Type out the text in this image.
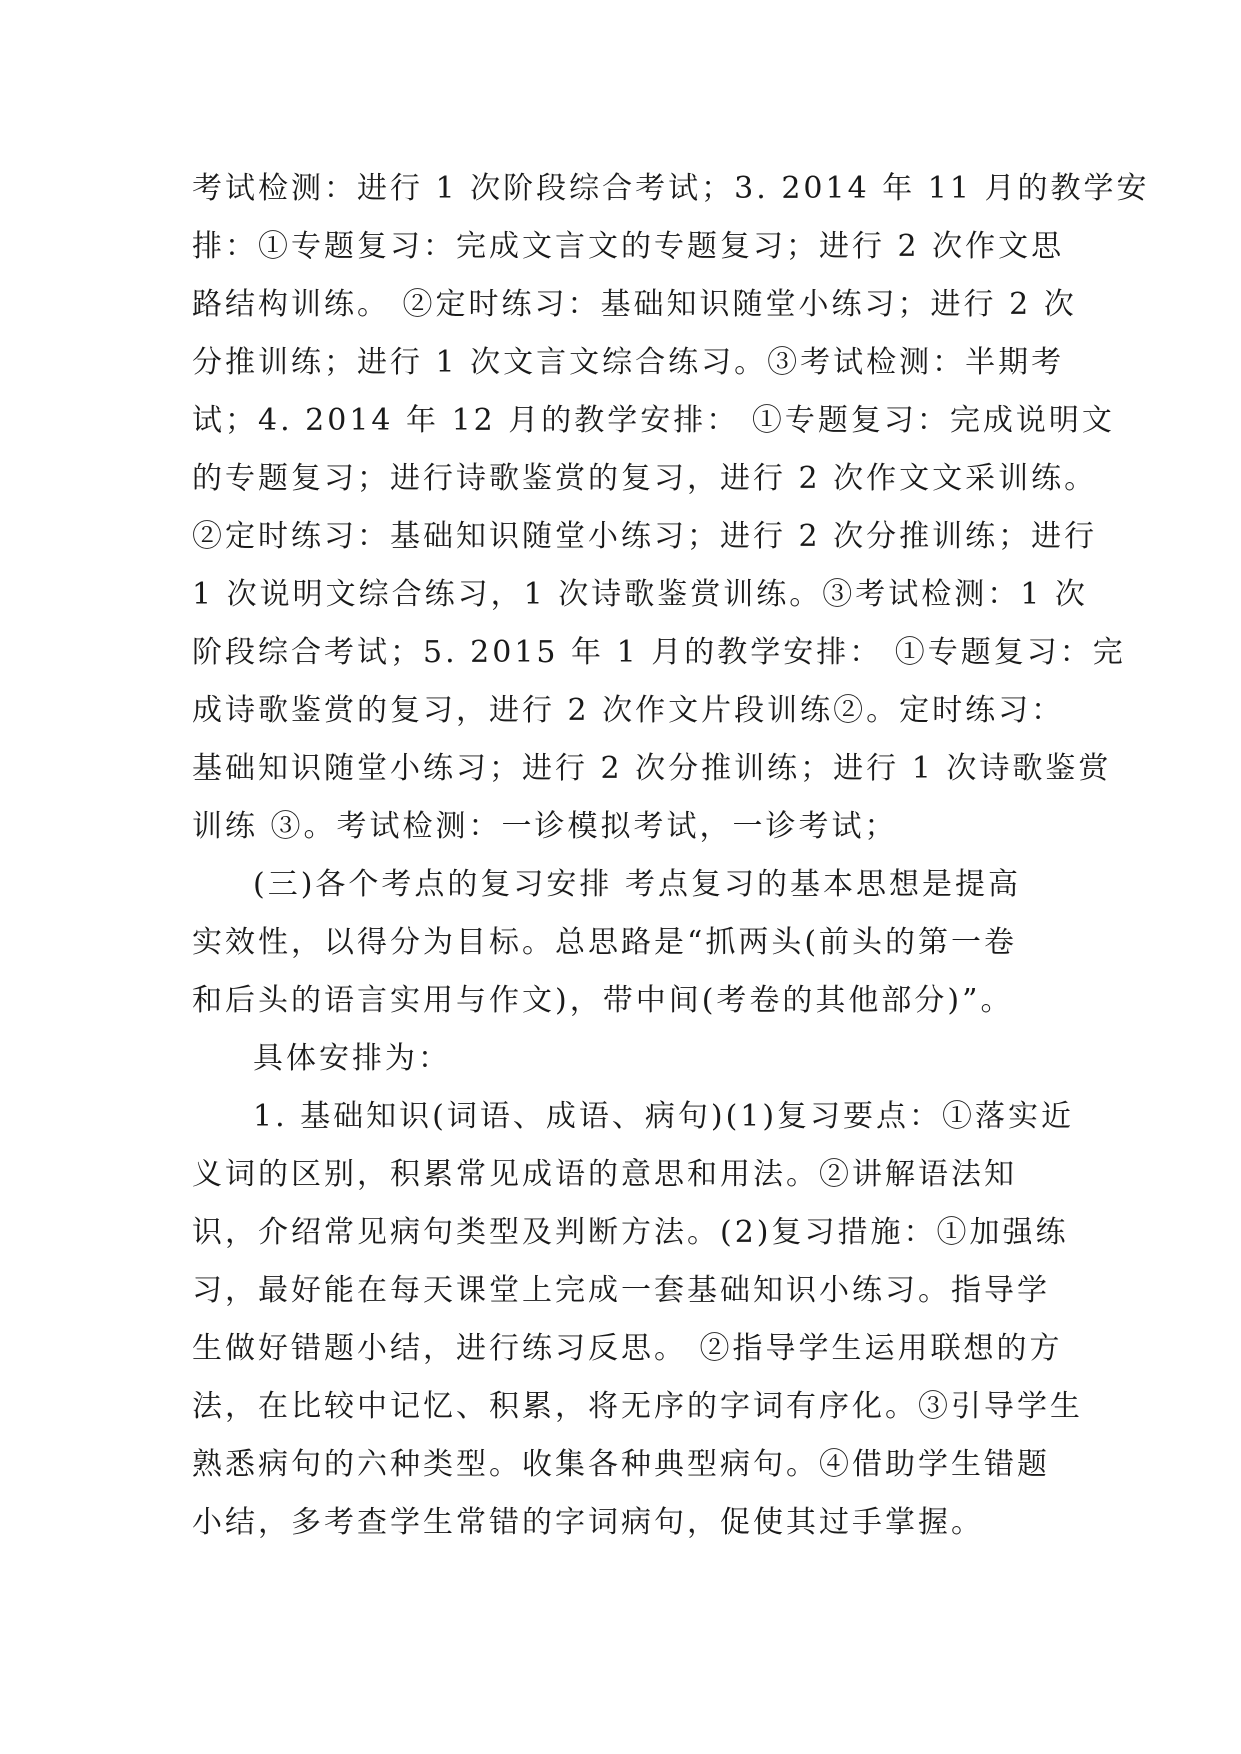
考试检测：进行 1 次阶段综合考试；3. 2014 年 11 月的教学安
排：①专题复习：完成文言文的专题复习；进行 2 次作文思
路结构训练。 ②定时练习：基础知识随堂小练习；进行 2 次
分推训练；进行 1 次文言文综合练习。③考试检测：半期考
试；4. 2014 年 12 月的教学安排： ①专题复习：完成说明文
的专题复习；进行诗歌鉴赏的复习，进行 2 次作文文采训练。
②定时练习：基础知识随堂小练习；进行 2 次分推训练；进行
1 次说明文综合练习，1 次诗歌鉴赏训练。③考试检测：1 次
阶段综合考试；5. 2015 年 1 月的教学安排： ①专题复习：完
成诗歌鉴赏的复习，进行 2 次作文片段训练②。定时练习：
基础知识随堂小练习；进行 2 次分推训练；进行 1 次诗歌鉴赏
训练 ③。考试检测：一诊模拟考试，一诊考试；
(三)各个考点的复习安排 考点复习的基本思想是提高
实效性，以得分为目标。总思路是“抓两头(前头的第一卷
和后头的语言实用与作文)，带中间(考卷的其他部分)”。
具体安排为：
1. 基础知识(词语、成语、病句)(1)复习要点：①落实近
义词的区别，积累常见成语的意思和用法。②讲解语法知
识，介绍常见病句类型及判断方法。(2)复习措施：①加强练
习，最好能在每天课堂上完成一套基础知识小练习。指导学
生做好错题小结，进行练习反思。 ②指导学生运用联想的方
法，在比较中记忆、积累，将无序的字词有序化。③引导学生
熟悉病句的六种类型。收集各种典型病句。④借助学生错题
小结，多考查学生常错的字词病句，促使其过手掌握。
